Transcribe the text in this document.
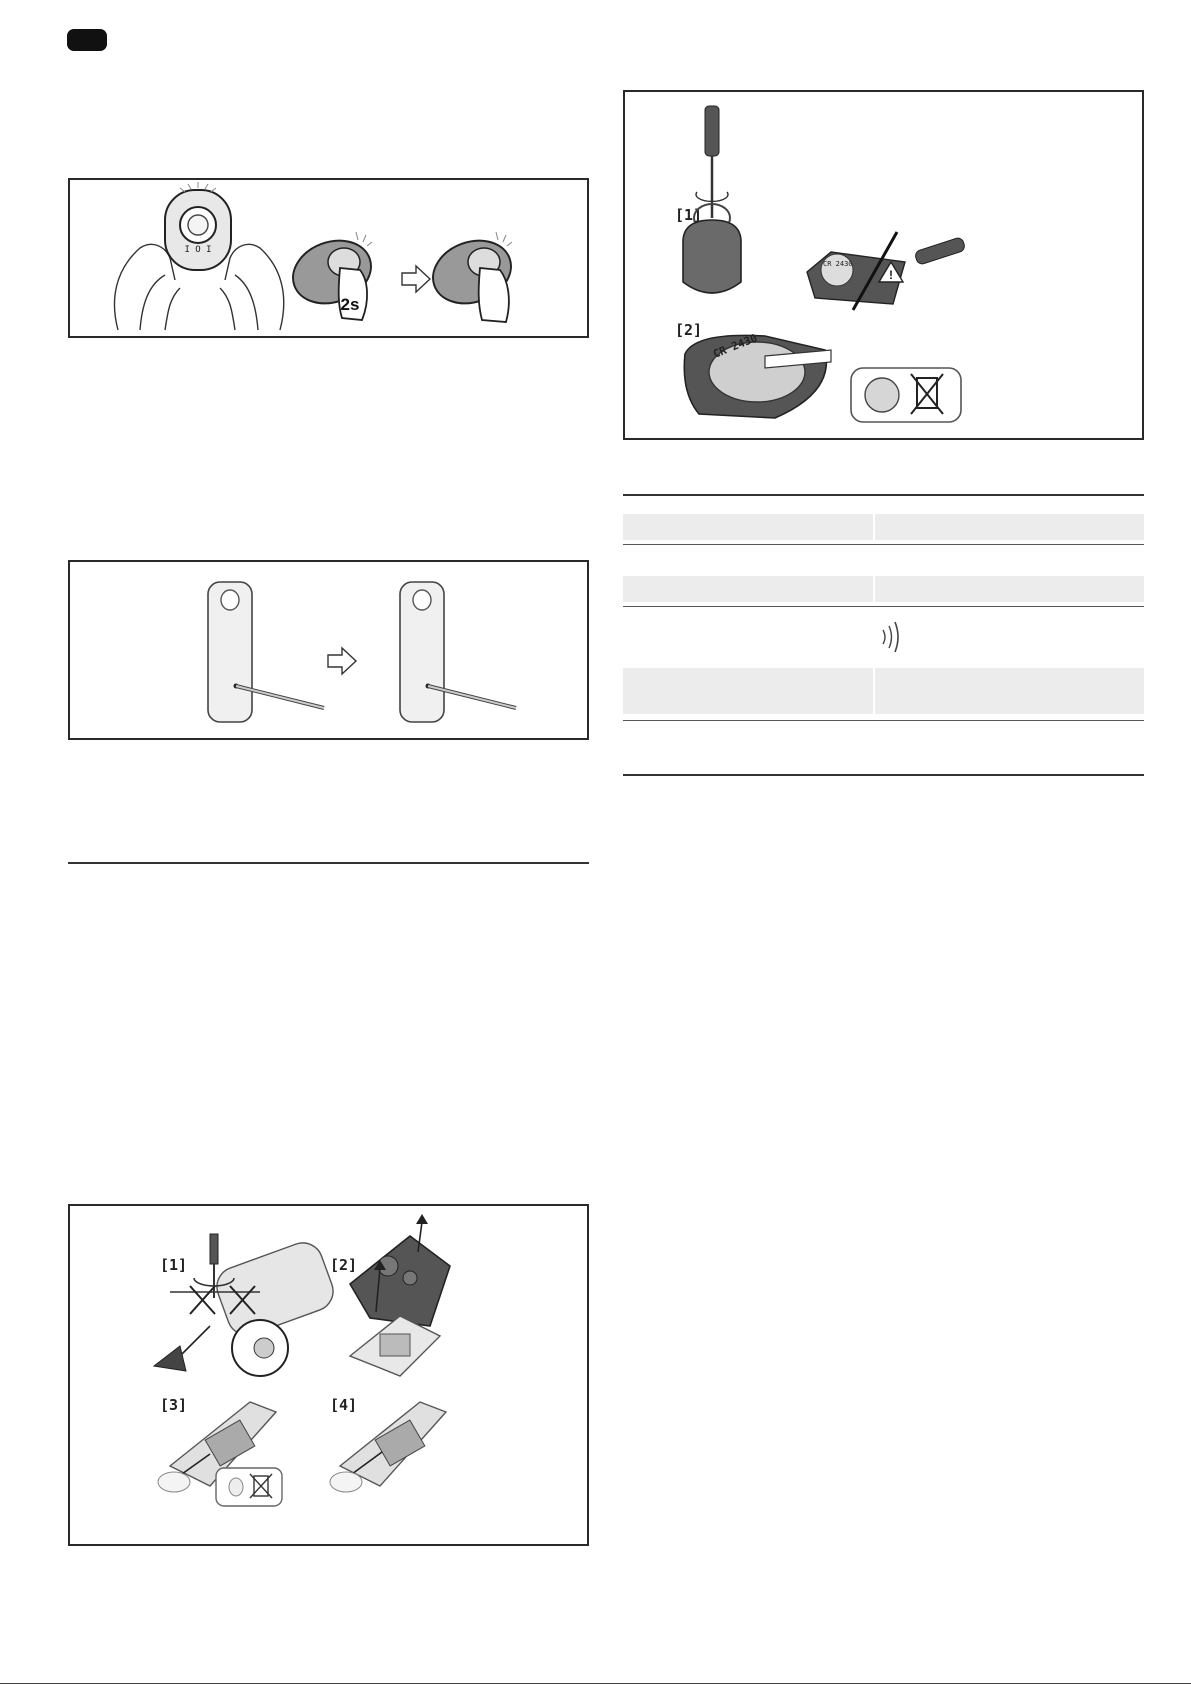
I O I
2s
[1]	[2]
[3]	[4]
[1]
CR 2430
!
[2]
CR 2430
